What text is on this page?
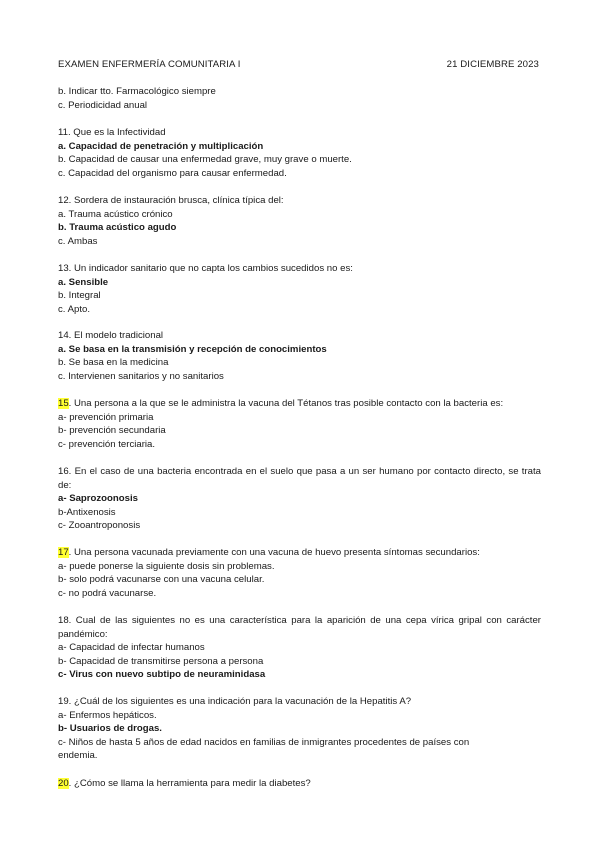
EXAMEN ENFERMERÍA COMUNITARIA I	21 DICIEMBRE 2023
b. Indicar tto. Farmacológico siempre
c. Periodicidad anual
11. Que es la Infectividad
a. Capacidad de penetración y multiplicación
b. Capacidad de causar una enfermedad grave, muy grave o muerte.
c. Capacidad del organismo para causar enfermedad.
12. Sordera de instauración brusca, clínica típica del:
a. Trauma acústico crónico
b. Trauma acústico agudo
c. Ambas
13. Un indicador sanitario que no capta los cambios sucedidos no es:
a. Sensible
b. Integral
c. Apto.
14. El modelo tradicional
a. Se basa en la transmisión y recepción de conocimientos
b. Se basa en la medicina
c. Intervienen sanitarios y no sanitarios
15. Una persona a la que se le administra la vacuna del Tétanos tras posible contacto con la bacteria es:
a- prevención primaria
b- prevención secundaria
c- prevención terciaria.
16. En el caso de una bacteria encontrada en el suelo que pasa a un ser humano por contacto directo, se trata de:
a- Saprozoonosis
b-Antixenosis
c- Zooantroponosis
17. Una persona vacunada previamente con una vacuna de huevo presenta síntomas secundarios:
a- puede ponerse la siguiente dosis sin problemas.
b- solo podrá vacunarse con una vacuna celular.
c- no podrá vacunarse.
18. Cual de las siguientes no es una característica para la aparición de una cepa vírica gripal con carácter pandémico:
a- Capacidad de infectar humanos
b- Capacidad de transmitirse persona a persona
c- Virus con nuevo subtipo de neuraminidasa
19. ¿Cuál de los siguientes es una indicación para la vacunación de la Hepatitis A?
a- Enfermos hepáticos.
b- Usuarios de drogas.
c- Niños de hasta 5 años de edad nacidos en familias de inmigrantes procedentes de países con endemia.
20. ¿Cómo se llama la herramienta para medir la diabetes?
